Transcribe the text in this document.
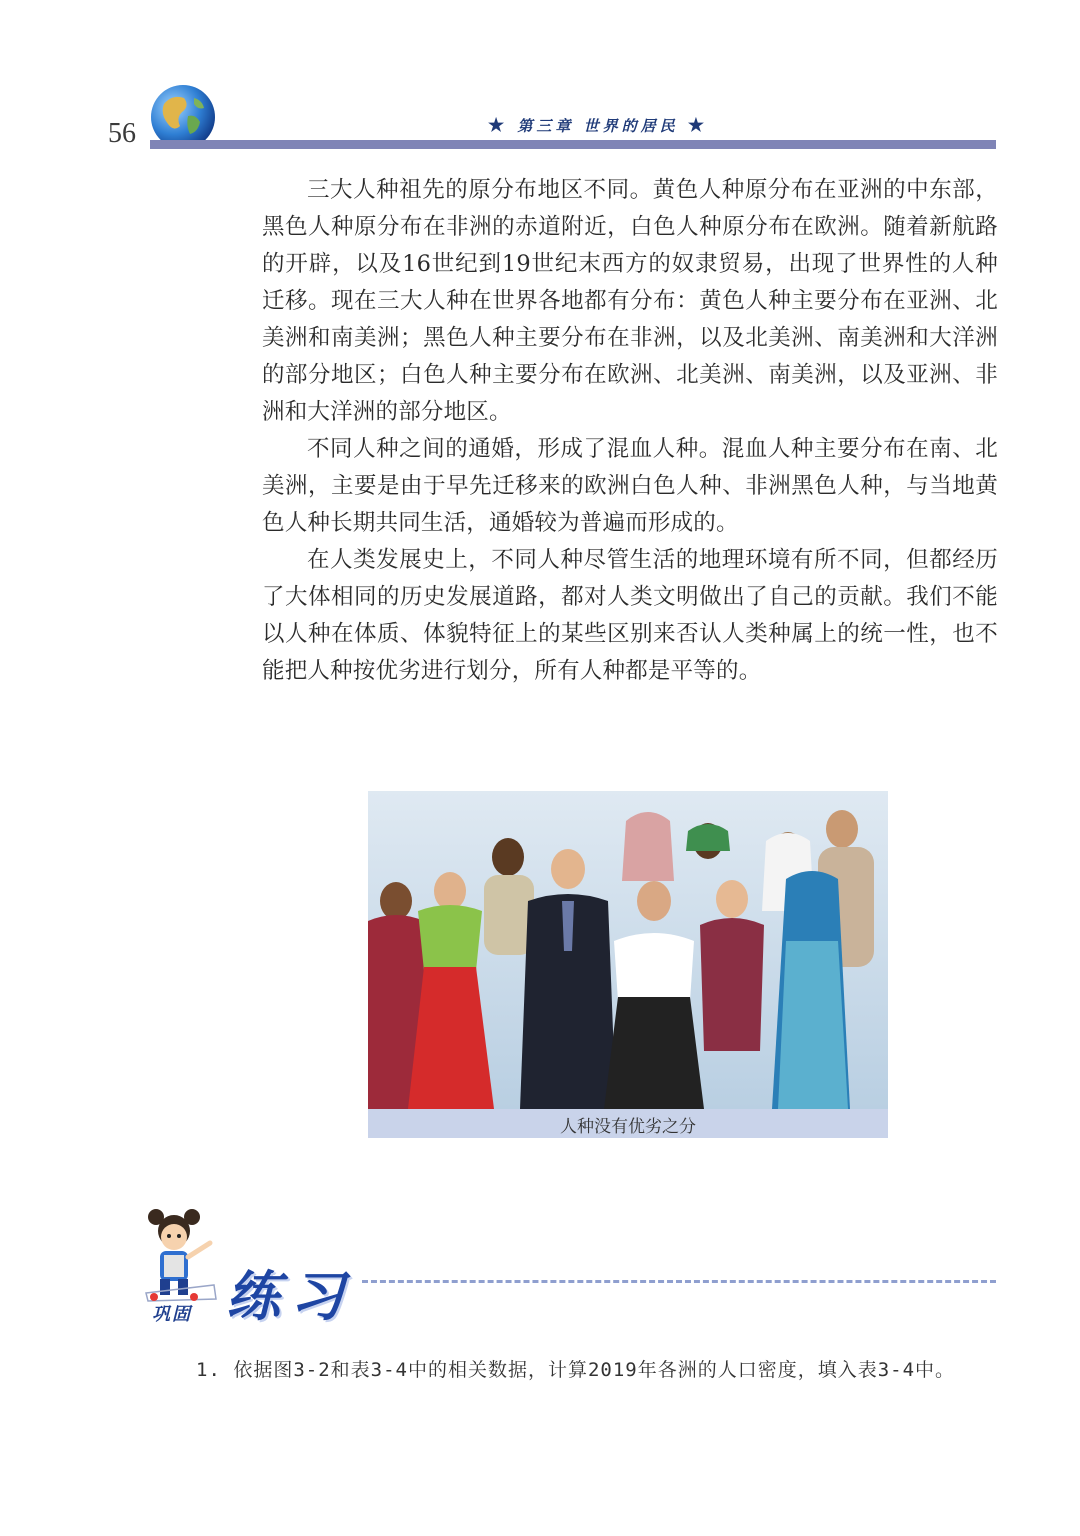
56	★ 第三章 世界的居民 ★

三大人种祖先的原分布地区不同。黄色人种原分布在亚洲的中东部，黑色人种原分布在非洲的赤道附近，白色人种原分布在欧洲。随着新航路的开辟，以及16世纪到19世纪末西方的奴隶贸易，出现了世界性的人种迁移。现在三大人种在世界各地都有分布：黄色人种主要分布在亚洲、北美洲和南美洲；黑色人种主要分布在非洲，以及北美洲、南美洲和大洋洲的部分地区；白色人种主要分布在欧洲、北美洲、南美洲，以及亚洲、非洲和大洋洲的部分地区。

不同人种之间的通婚，形成了混血人种。混血人种主要分布在南、北美洲，主要是由于早先迁移来的欧洲白色人种、非洲黑色人种，与当地黄色人种长期共同生活，通婚较为普遍而形成的。

在人类发展史上，不同人种尽管生活的地理环境有所不同，但都经历了大体相同的历史发展道路，都对人类文明做出了自己的贡献。我们不能以人种在体质、体貌特征上的某些区别来否认人类种属上的统一性，也不能把人种按优劣进行划分，所有人种都是平等的。

人种没有优劣之分
巩固 练习
1. 依据图3-2和表3-4中的相关数据，计算2019年各洲的人口密度，填入表3-4中。
